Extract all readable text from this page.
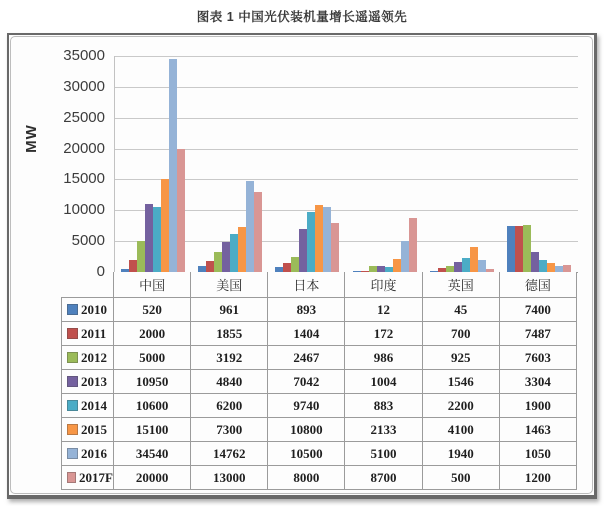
图表 1 中国光伏装机量增长遥遥领先
MW
0
5000
10000
15000
20000
25000
30000
35000
	中国	美国	日本	印度	英国	德国

2010	520	961	893	12	45	7400

2011	2000	1855	1404	172	700	7487

2012	5000	3192	2467	986	925	7603

2013	10950	4840	7042	1004	1546	3304

2014	10600	6200	9740	883	2200	1900

2015	15100	7300	10800	2133	4100	1463

2016	34540	14762	10500	5100	1940	1050

2017F	20000	13000	8000	8700	500	1200
